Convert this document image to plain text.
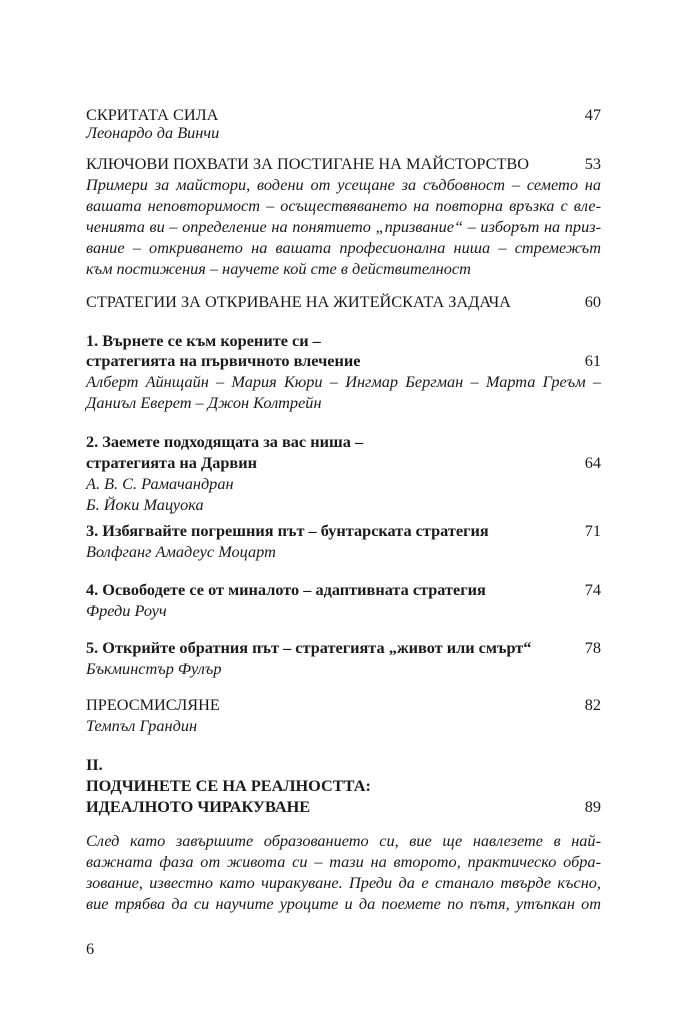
СКРИТАТА СИЛА	47
Леонардо да Винчи
КЛЮЧОВИ ПОХВАТИ ЗА ПОСТИГАНЕ НА МАЙСТОРСТВО	53
Примери за майстори, водени от усещане за съдбовност – семето на
вашата неповторимост – осъществяването на повторна връзка с вле-
ченията ви – определение на понятието „призвание“ – изборът на приз-
вание – откриването на вашата професионална ниша – стремежът
към постижения – научете кой сте в действителност
СТРАТЕГИИ ЗА ОТКРИВАНЕ НА ЖИТЕЙСКАТА ЗАДАЧА	60
1. Върнете се към корените си –
стратегията на първичното влечение	61
Алберт Айнщайн – Мария Кюри – Ингмар Бергман – Марта Греъм –
Даниъл Еверет – Джон Колтрейн
2. Заемете подходящата за вас ниша –
стратегията на Дарвин	64
А. В. С. Рамачандран
Б. Йоки Мацуока
3. Избягвайте погрешния път – бунтарската стратегия	71
Волфганг Амадеус Моцарт
4. Освободете се от миналото – адаптивната стратегия	74
Фреди Роуч
5. Открийте обратния път – стратегията „живот или смърт“	78
Бъкминстър Фулър
ПРЕОСМИСЛЯНЕ	82
Темпъл Грандин
II.
ПОДЧИНЕТЕ СЕ НА РЕАЛНОСТТА:
ИДЕАЛНОТО ЧИРАКУВАНЕ	89
След като завършите образованието си, вие ще навлезете в най-
важната фаза от живота си – тази на второто, практическо обра-
зование, известно като чиракуване. Преди да е станало твърде късно,
вие трябва да си научите уроците и да поемете по пътя, утъпкан от
6
